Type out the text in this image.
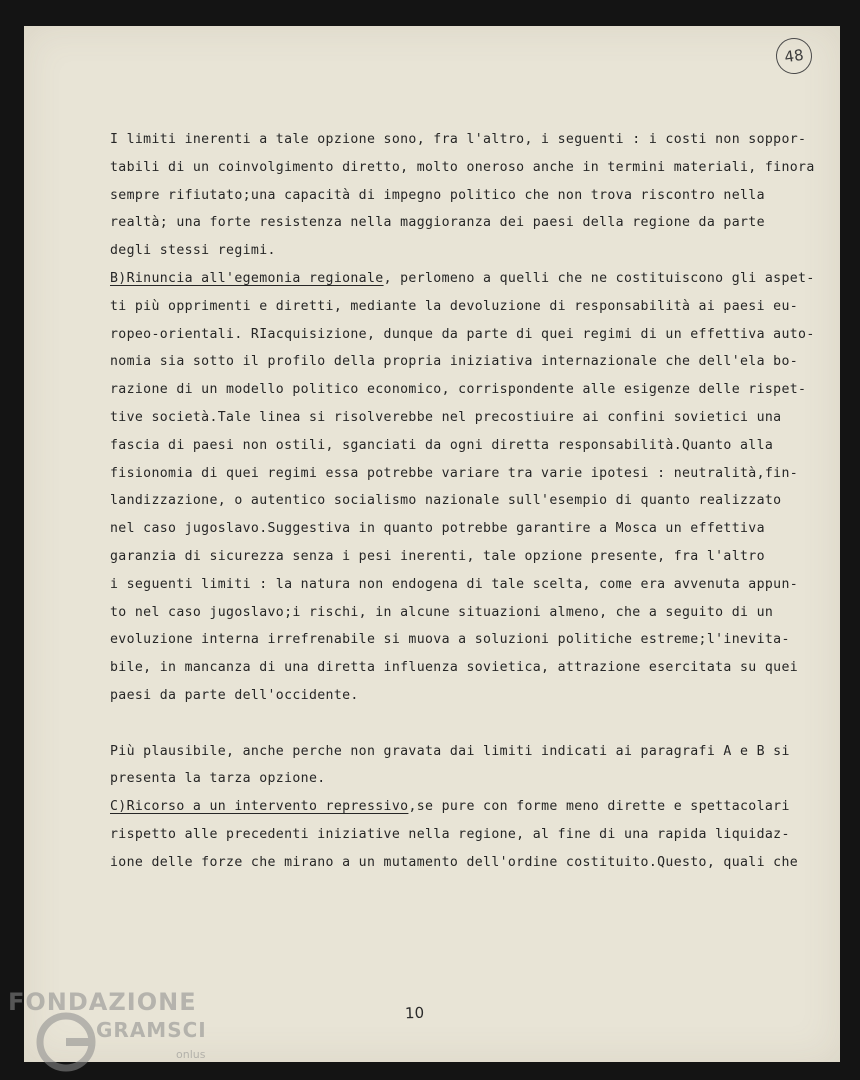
48
I limiti inerenti a tale opzione sono, fra l'altro, i seguenti : i costi non soppor-
tabili di un coinvolgimento diretto, molto oneroso anche in termini materiali, finora
sempre rifiutato;una capacità di impegno politico che non trova riscontro nella
realtà; una forte resistenza nella maggioranza dei paesi della regione da parte
degli stessi regimi.
B)Rinuncia all'egemonia regionale, perlomeno a quelli che ne costituiscono gli aspet-
ti più opprimenti e diretti, mediante la devoluzione di responsabilità ai paesi eu-
ropeo-orientali. RIacquisizione, dunque da parte di quei regimi di un effettiva auto-
nomia sia sotto il profilo della propria iniziativa internazionale che dell'ela bo-
razione di un modello politico economico, corrispondente alle esigenze delle rispet-
tive società.Tale linea si risolverebbe nel precostiuire ai confini sovietici una
fascia di paesi non ostili, sganciati da ogni diretta responsabilità.Quanto alla
fisionomia di quei regimi essa potrebbe variare tra varie ipotesi : neutralità,fin-
landizzazione, o autentico socialismo nazionale sull'esempio di quanto realizzato
nel caso jugoslavo.Suggestiva in quanto potrebbe garantire a Mosca un effettiva
garanzia di sicurezza senza i pesi inerenti, tale opzione presente, fra l'altro
i seguenti limiti : la natura non endogena di tale scelta, come era avvenuta appun-
to nel caso jugoslavo;i rischi, in alcune situazioni almeno, che a seguito di un
evoluzione interna irrefrenabile si muova a soluzioni politiche estreme;l'inevita-
bile, in mancanza di una diretta influenza sovietica, attrazione esercitata su quei
paesi da parte dell'occidente.
Più plausibile, anche perche non gravata dai limiti indicati ai paragrafi A e B si
presenta la tarza opzione.
C)Ricorso a un intervento repressivo,se pure con forme meno dirette e spettacolari
rispetto alle precedenti iniziative nella regione, al fine di una rapida liquidaz-
ione delle forze che mirano a un mutamento dell'ordine costituito.Questo, quali che
10
FONDAZIONE
GRAMSCI
onlus
